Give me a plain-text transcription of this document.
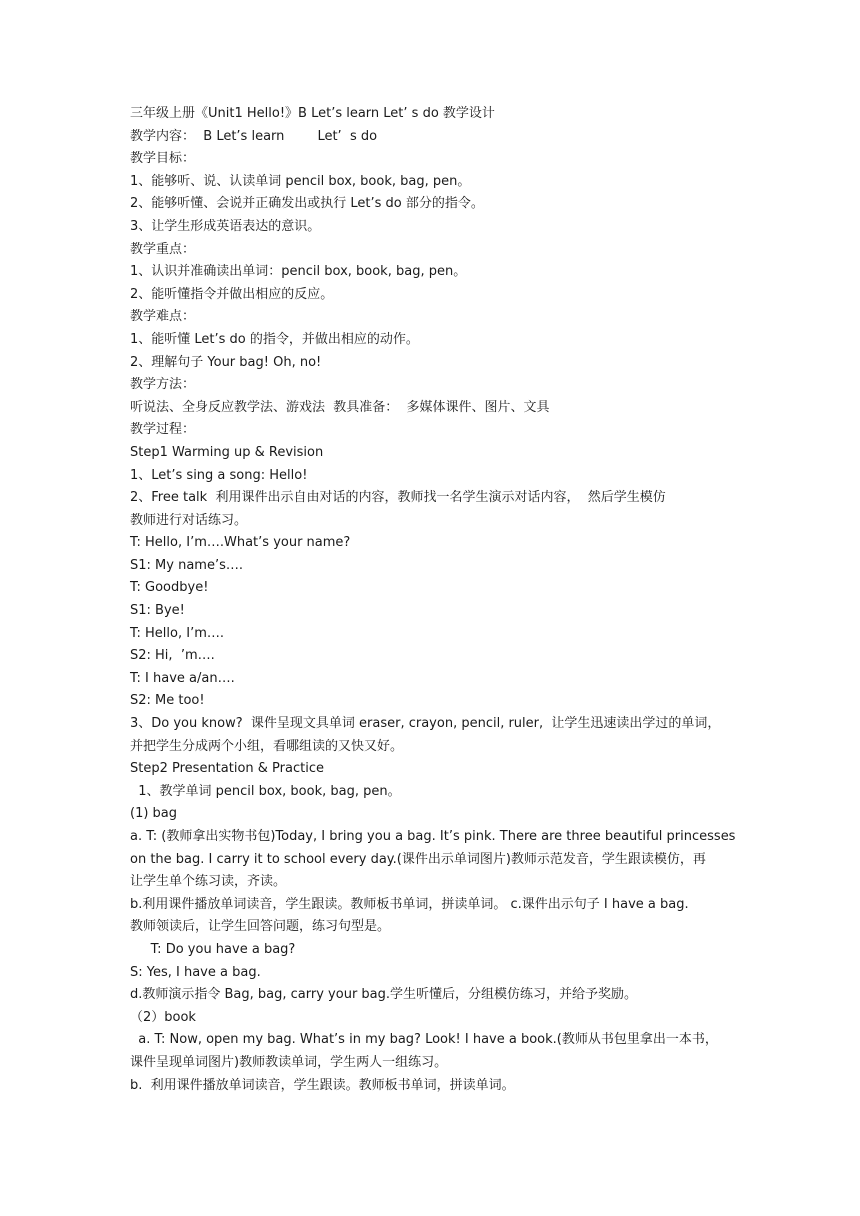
三年级上册《Unit1 Hello!》B Let’s learn Let’ s do 教学设计

教学内容：  B Let’s learn        Let’  s do

教学目标：

1、能够听、说、认读单词 pencil box, book, bag, pen。

2、能够听懂、会说并正确发出或执行 Let’s do 部分的指令。

3、让学生形成英语表达的意识。

教学重点：

1、认识并准确读出单词：pencil box, book, bag, pen。

2、能听懂指令并做出相应的反应。

教学难点：

1、能听懂 Let’s do 的指令，并做出相应的动作。

2、理解句子 Your bag! Oh, no!

教学方法：

听说法、全身反应教学法、游戏法  教具准备：  多媒体课件、图片、文具

教学过程：

Step1 Warming up & Revision

1、Let’s sing a song: Hello!

2、Free talk  利用课件出示自由对话的内容，教师找一名学生演示对话内容，  然后学生模仿

教师进行对话练习。

T: Hello, I’m….What’s your name?

S1: My name’s….

T: Goodbye!

S1: Bye!

T: Hello, I’m….

S2: Hi,  ’m….

T: I have a/an….

S2: Me too!

3、Do you know?  课件呈现文具单词 eraser, crayon, pencil, ruler,  让学生迅速读出学过的单词，

并把学生分成两个小组，看哪组读的又快又好。

Step2 Presentation & Practice

1、教学单词 pencil box, book, bag, pen。

(1) bag

a. T: (教师拿出实物书包)Today, I bring you a bag. It’s pink. There are three beautiful princesses

on the bag. I carry it to school every day.(课件出示单词图片)教师示范发音，学生跟读模仿，再

让学生单个练习读，齐读。

b.利用课件播放单词读音，学生跟读。教师板书单词，拼读单词。 c.课件出示句子 I have a bag.

教师领读后，让学生回答问题，练习句型是。

T: Do you have a bag?

S: Yes, I have a bag.

d.教师演示指令 Bag, bag, carry your bag.学生听懂后，分组模仿练习，并给予奖励。

（2）book

a. T: Now, open my bag. What’s in my bag? Look! I have a book.(教师从书包里拿出一本书，

课件呈现单词图片)教师教读单词，学生两人一组练习。

b.  利用课件播放单词读音，学生跟读。教师板书单词，拼读单词。
